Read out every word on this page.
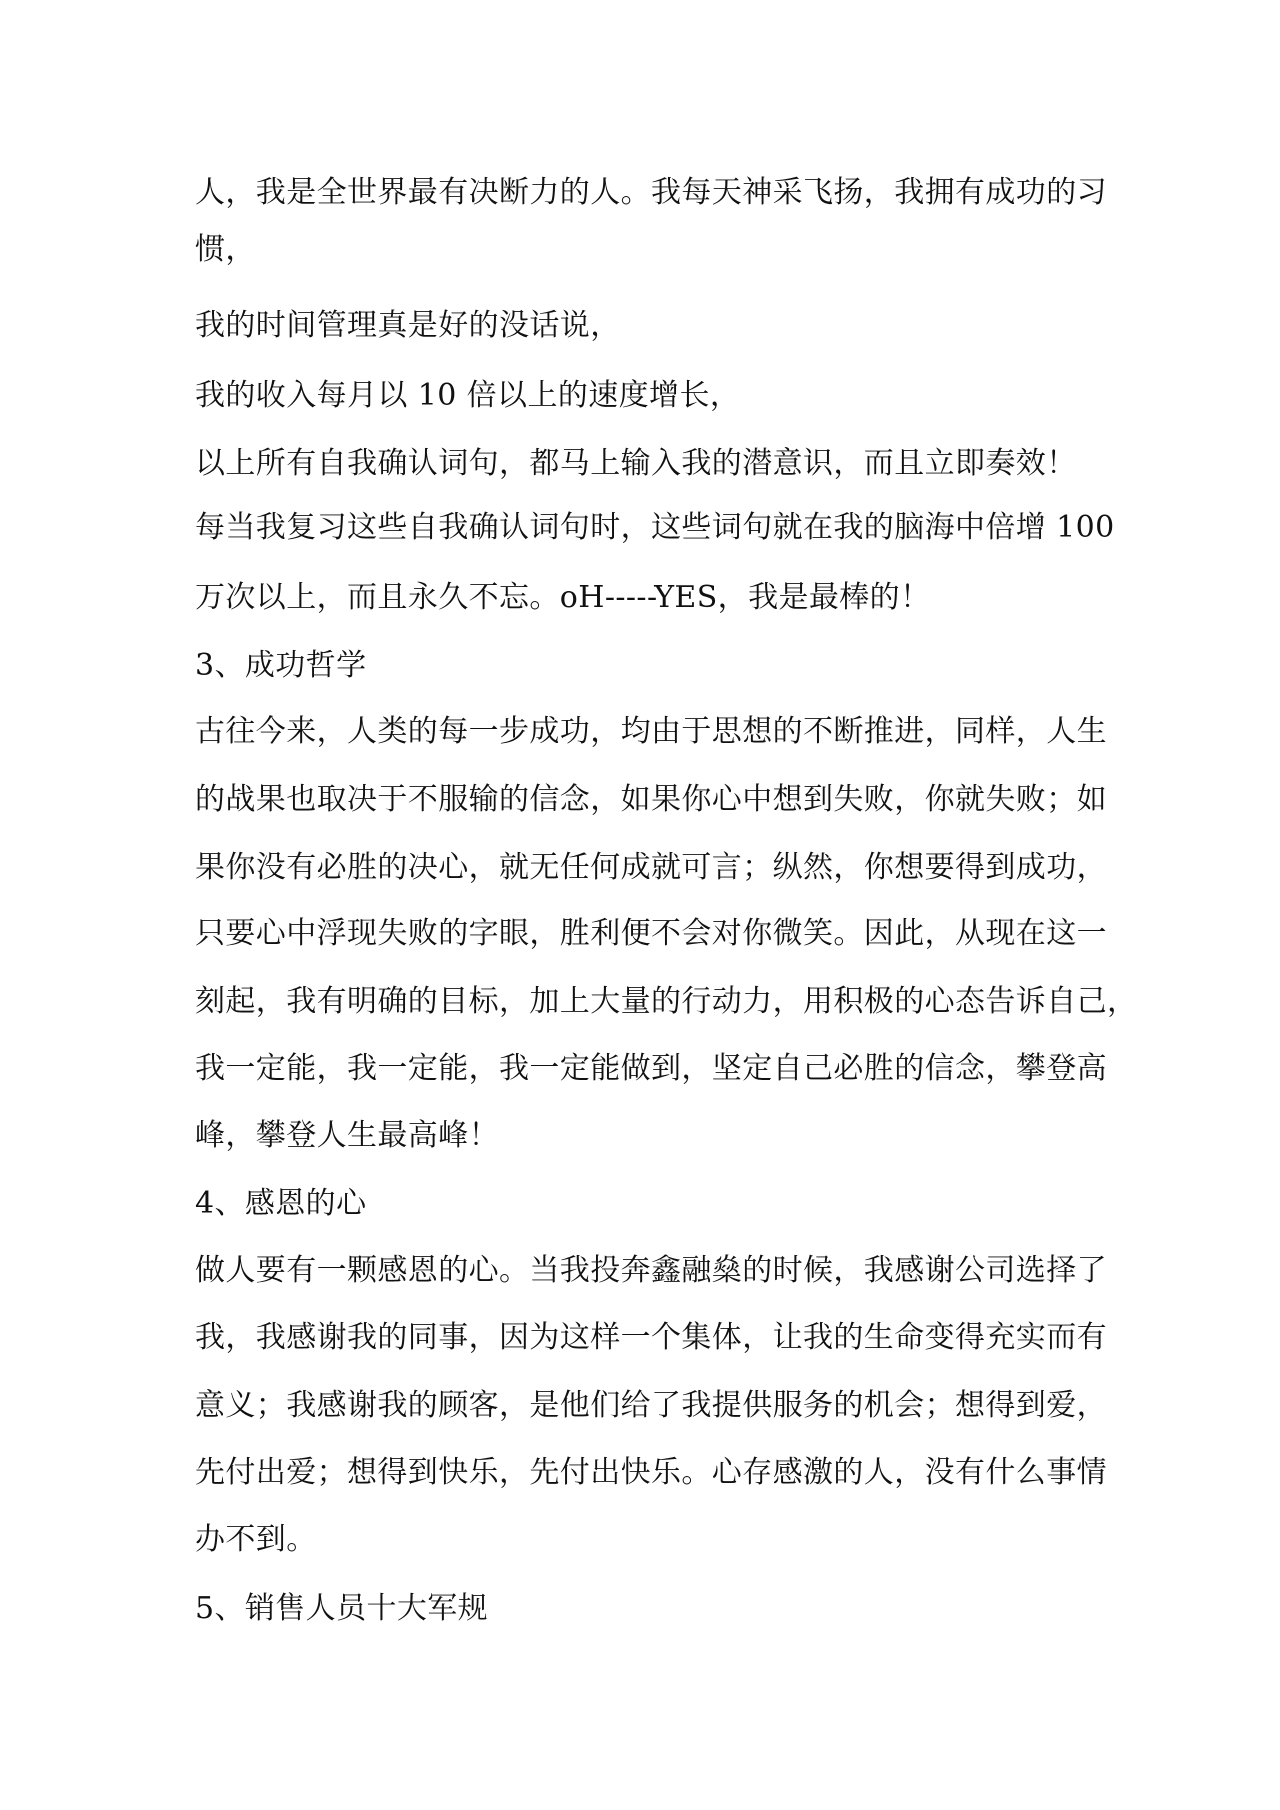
人，我是全世界最有决断力的人。我每天神采飞扬，我拥有成功的习
惯，
我的时间管理真是好的没话说，
我的收入每月以 10 倍以上的速度增长，
以上所有自我确认词句，都马上输入我的潜意识，而且立即奏效！
每当我复习这些自我确认词句时，这些词句就在我的脑海中倍增 100
万次以上，而且永久不忘。oH-----YES，我是最棒的！
3、成功哲学
古往今来，人类的每一步成功，均由于思想的不断推进，同样，人生
的战果也取决于不服输的信念，如果你心中想到失败，你就失败；如
果你没有必胜的决心，就无任何成就可言；纵然，你想要得到成功，
只要心中浮现失败的字眼，胜利便不会对你微笑。因此，从现在这一
刻起，我有明确的目标，加上大量的行动力，用积极的心态告诉自己，
我一定能，我一定能，我一定能做到，坚定自己必胜的信念，攀登高
峰，攀登人生最高峰！
4、感恩的心
做人要有一颗感恩的心。当我投奔鑫融燊的时候，我感谢公司选择了
我，我感谢我的同事，因为这样一个集体，让我的生命变得充实而有
意义；我感谢我的顾客，是他们给了我提供服务的机会；想得到爱，
先付出爱；想得到快乐，先付出快乐。心存感激的人，没有什么事情
办不到。
5、销售人员十大军规
